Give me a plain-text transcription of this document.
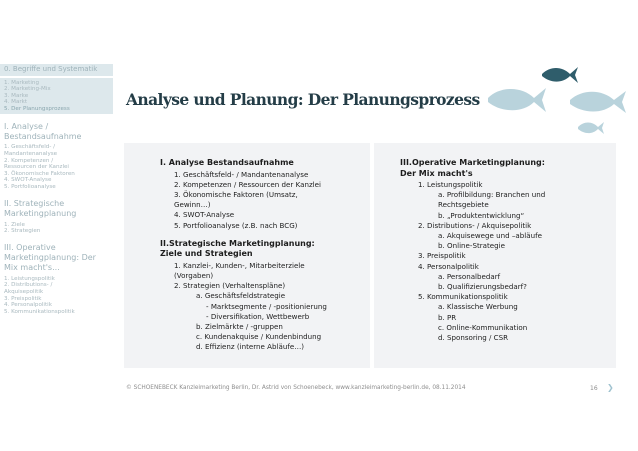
0. Begriffe und Systematik
1. Marketing
2. Marketing-Mix
3. Marke
4. Markt
5. Der Planungsprozess
I. Analyse / Bestandsaufnahme
1. Geschäftsfeld- /
Mandantenanalyse
2. Kompetenzen /
Ressourcen der Kanzlei
3. Ökonomische Faktoren
4. SWOT-Analyse
5. Portfolioanalyse
II. Strategische Marketingplanung
1. Ziele
2. Strategien
III. Operative Marketingplanung: Der Mix macht's...
1. Leistungspolitik
2. Distributions- /
Akquisepolitik
3. Preispolitik
4. Personalpolitik
5. Kommunikationspolitik
Analyse und Planung: Der Planungsprozess
I. Analyse Bestandsaufnahme
1. Geschäftsfeld- / Mandantenanalyse
2. Kompetenzen / Ressourcen der Kanzlei
3. Ökonomische Faktoren (Umsatz,
Gewinn…)
4. SWOT-Analyse
5. Portfolioanalyse (z.B. nach BCG)
II.Strategische Marketingplanung:
Ziele und Strategien
1. Kanzlei-, Kunden-, Mitarbeiterziele
(Vorgaben)
2. Strategien (Verhaltenspläne)
a. Geschäftsfeldstrategie
- Marktsegmente / -positionierung
- Diversifikation, Wettbewerb
b. Zielmärkte / -gruppen
c. Kundenakquise / Kundenbindung
d. Effizienz (interne Abläufe…)
III.Operative Marketingplanung:
Der Mix macht's
1. Leistungspolitik
a. Profilbildung: Branchen und
Rechtsgebiete
b. „Produktentwicklung“
2. Distributions- / Akquisepolitik
a. Akquisewege und –abläufe
b. Online-Strategie
3. Preispolitik
4. Personalpolitik
a. Personalbedarf
b. Qualifizierungsbedarf?
5. Kommunikationspolitik
a. Klassische Werbung
b. PR
c. Online-Kommunikation
d. Sponsoring / CSR
© SCHOENEBECK Kanzleimarketing Berlin, Dr. Astrid von Schoenebeck, www.kanzleimarketing-berlin.de, 08.11.2014	16 ❯
